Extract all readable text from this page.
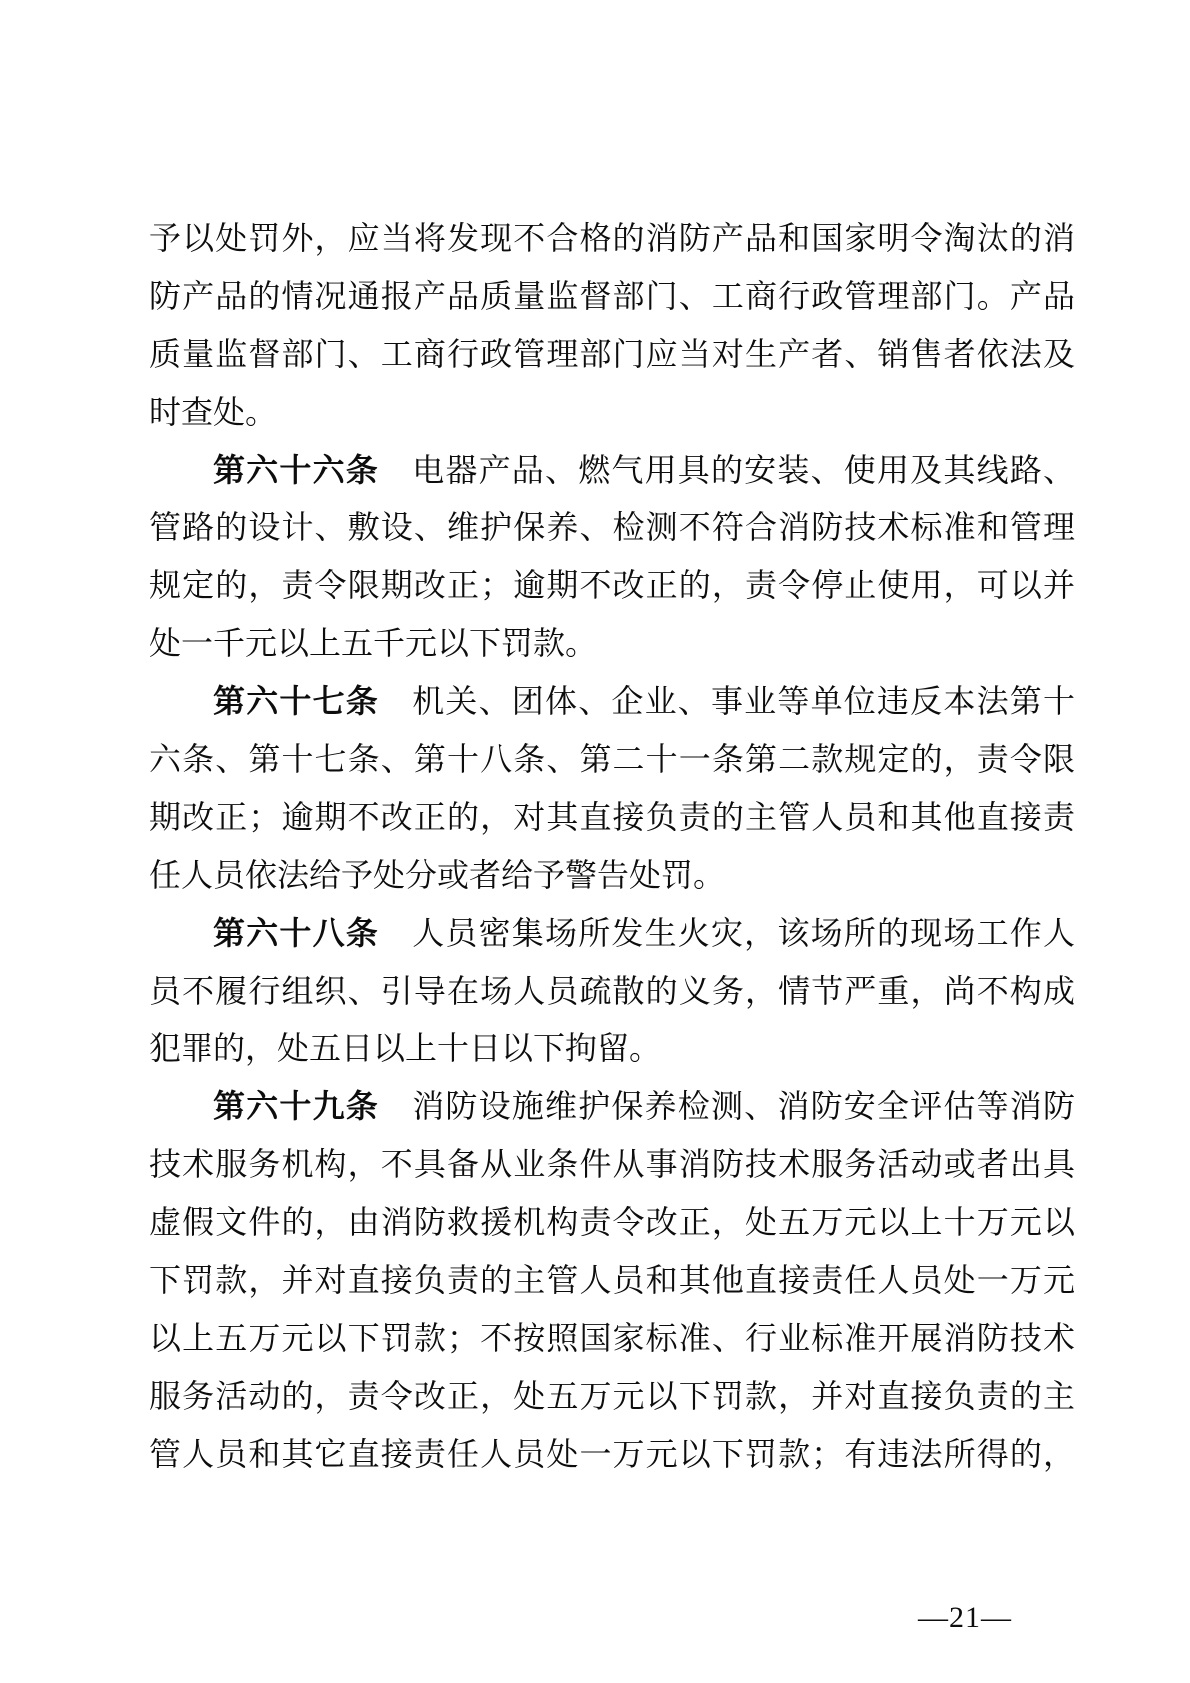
予以处罚外，应当将发现不合格的消防产品和国家明令淘汰的消
防产品的情况通报产品质量监督部门、工商行政管理部门。产品
质量监督部门、工商行政管理部门应当对生产者、销售者依法及
时查处。
第六十六条 电器产品、燃气用具的安装、使用及其线路、
管路的设计、敷设、维护保养、检测不符合消防技术标准和管理
规定的，责令限期改正；逾期不改正的，责令停止使用，可以并
处一千元以上五千元以下罚款。
第六十七条 机关、团体、企业、事业等单位违反本法第十
六条、第十七条、第十八条、第二十一条第二款规定的，责令限
期改正；逾期不改正的，对其直接负责的主管人员和其他直接责
任人员依法给予处分或者给予警告处罚。
第六十八条 人员密集场所发生火灾，该场所的现场工作人
员不履行组织、引导在场人员疏散的义务，情节严重，尚不构成
犯罪的，处五日以上十日以下拘留。
第六十九条 消防设施维护保养检测、消防安全评估等消防
技术服务机构，不具备从业条件从事消防技术服务活动或者出具
虚假文件的，由消防救援机构责令改正，处五万元以上十万元以
下罚款，并对直接负责的主管人员和其他直接责任人员处一万元
以上五万元以下罚款；不按照国家标准、行业标准开展消防技术
服务活动的，责令改正，处五万元以下罚款，并对直接负责的主
管人员和其它直接责任人员处一万元以下罚款；有违法所得的，
—21—
